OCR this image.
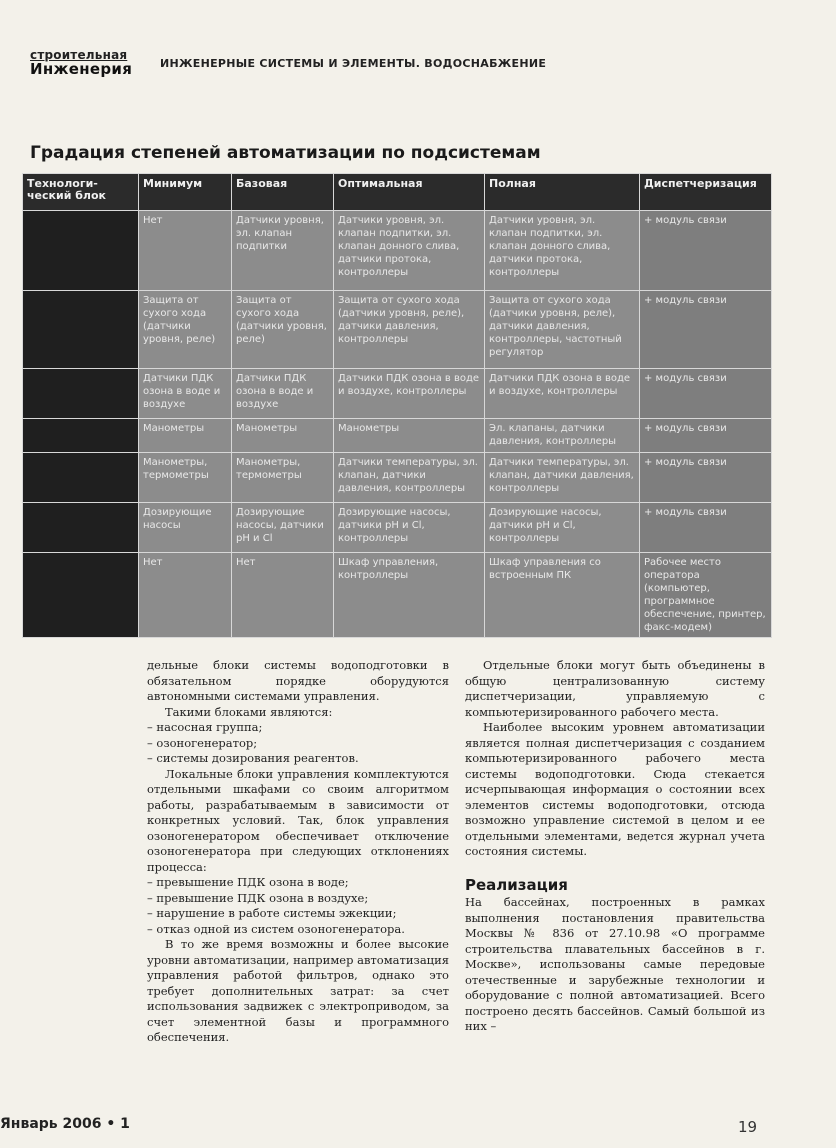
строительная
Инженерия	ИНЖЕНЕРНЫЕ СИСТЕМЫ И ЭЛЕМЕНТЫ. ВОДОСНАБЖЕНИЕ
Градация степеней автоматизации по подсистемам
Технологи-ческий блок	Минимум	Базовая	Оптимальная	Полная	Диспетчеризация
	Нет	Датчики уровня, эл. клапан подпитки	Датчики уровня, эл. клапан подпитки, эл. клапан донного слива, датчики протока, контроллеры	Датчики уровня, эл. клапан подпитки, эл. клапан донного слива, датчики протока, контроллеры	+ модуль связи
	Защита от сухого хода (датчики уровня, реле)	Защита от сухого хода (датчики уровня, реле)	Защита от сухого хода (датчики уровня, реле), датчики давления, контроллеры	Защита от сухого хода (датчики уровня, реле), датчики давления, контроллеры, частотный регулятор	+ модуль связи
	Датчики ПДК озона в воде и воздухе	Датчики ПДК озона в воде и воздухе	Датчики ПДК озона в воде и воздухе, контроллеры	Датчики ПДК озона в воде и воздухе, контроллеры	+ модуль связи
	Манометры	Манометры	Манометры	Эл. клапаны, датчики давления, контроллеры	+ модуль связи
	Манометры, термометры	Манометры, термометры	Датчики температуры, эл. клапан, датчики давления, контроллеры	Датчики температуры, эл. клапан, датчики давления, контроллеры	+ модуль связи
	Дозирующие насосы	Дозирующие насосы, датчики pH и Cl	Дозирующие насосы, датчики pH и Cl, контроллеры	Дозирующие насосы, датчики pH и Cl, контроллеры	+ модуль связи
	Нет	Нет	Шкаф управления, контроллеры	Шкаф управления со встроенным ПК	Рабочее место оператора (компьютер, программное обеспечение, принтер, факс-модем)

дельные блоки системы водоподготовки в обязательном порядке оборудуются автономными системами управления.

Такими блоками являются:

– насосная группа;
– озоногенератор;
– системы дозирования реагентов.

Локальные блоки управления комплектуются отдельными шкафами со своим алгоритмом работы, разрабатываемым в зависимости от конкретных условий. Так, блок управления озоногенератором обеспечивает отключение озоногенератора при следующих отклонениях процесса:

– превышение ПДК озона в воде;
– превышение ПДК озона в воздухе;
– нарушение в работе системы эжекции;
– отказ одной из систем озоногенератора.

В то же время возможны и более высокие уровни автоматизации, например автоматизация управления работой фильтров, однако это требует дополнительных затрат: за счет использования задвижек с электроприводом, за счет элементной базы и программного обеспечения.

Отдельные блоки могут быть объединены в общую централизованную систему диспетчеризации, управляемую с компьютеризированного рабочего места.

Наиболее высоким уровнем автоматизации является полная диспетчеризация с созданием компьютеризированного рабочего места системы водоподготовки. Сюда стекается исчерпывающая информация о состоянии всех элементов системы водоподготовки, отсюда возможно управление системой в целом и ее отдельными элементами, ведется журнал учета состояния системы.

Реализация

На бассейнах, построенных в рамках выполнения постановления правительства Москвы № 836 от 27.10.98 «О программе строительства плавательных бассейнов в г. Москве», использованы самые передовые отечественные и зарубежные технологии и оборудование с полной автоматизацией. Всего построено десять бассейнов. Самый большой из них –

Январь 2006 • 1	19
